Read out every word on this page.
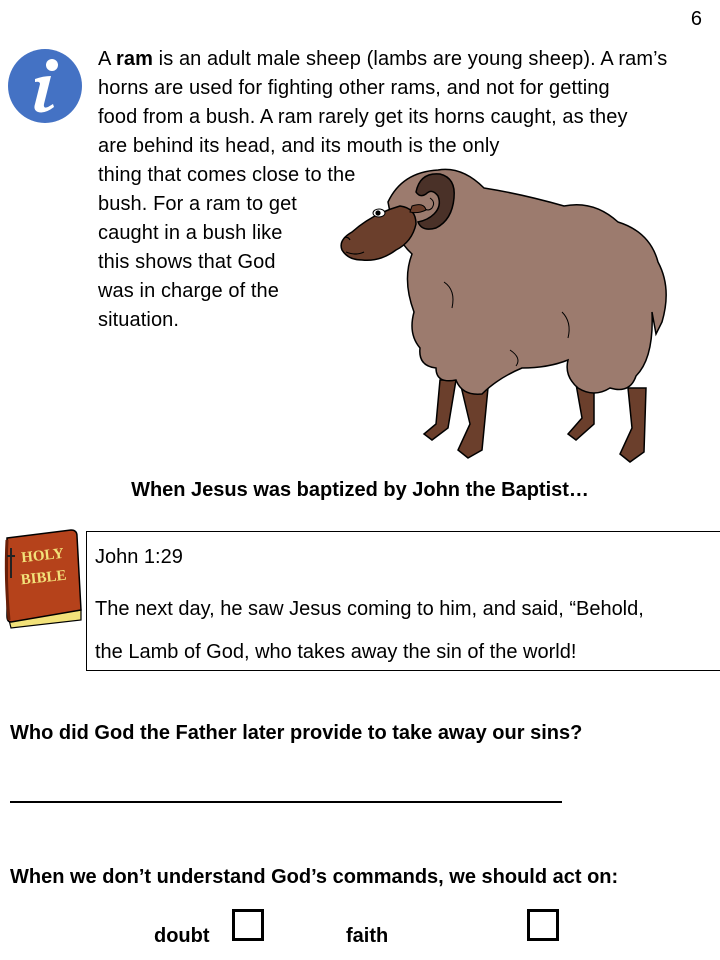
6
A ram is an adult male sheep (lambs are young sheep). A ram’s
horns are used for fighting other rams, and not for getting
food from a bush. A ram rarely get its horns caught, as they
are behind its head, and its mouth is the only
thing that comes close to the
bush. For a ram to get
caught in a bush like
this shows that God
was in charge of the
situation.
When Jesus was baptized by John the Baptist…
HOLY
BIBLE
John 1:29
The next day, he saw Jesus coming to him, and said, “Behold,
the Lamb of God, who takes away the sin of the world!
Who did God the Father later provide to take away our sins?
When we don’t understand God’s commands, we should act on:
doubt	faith
